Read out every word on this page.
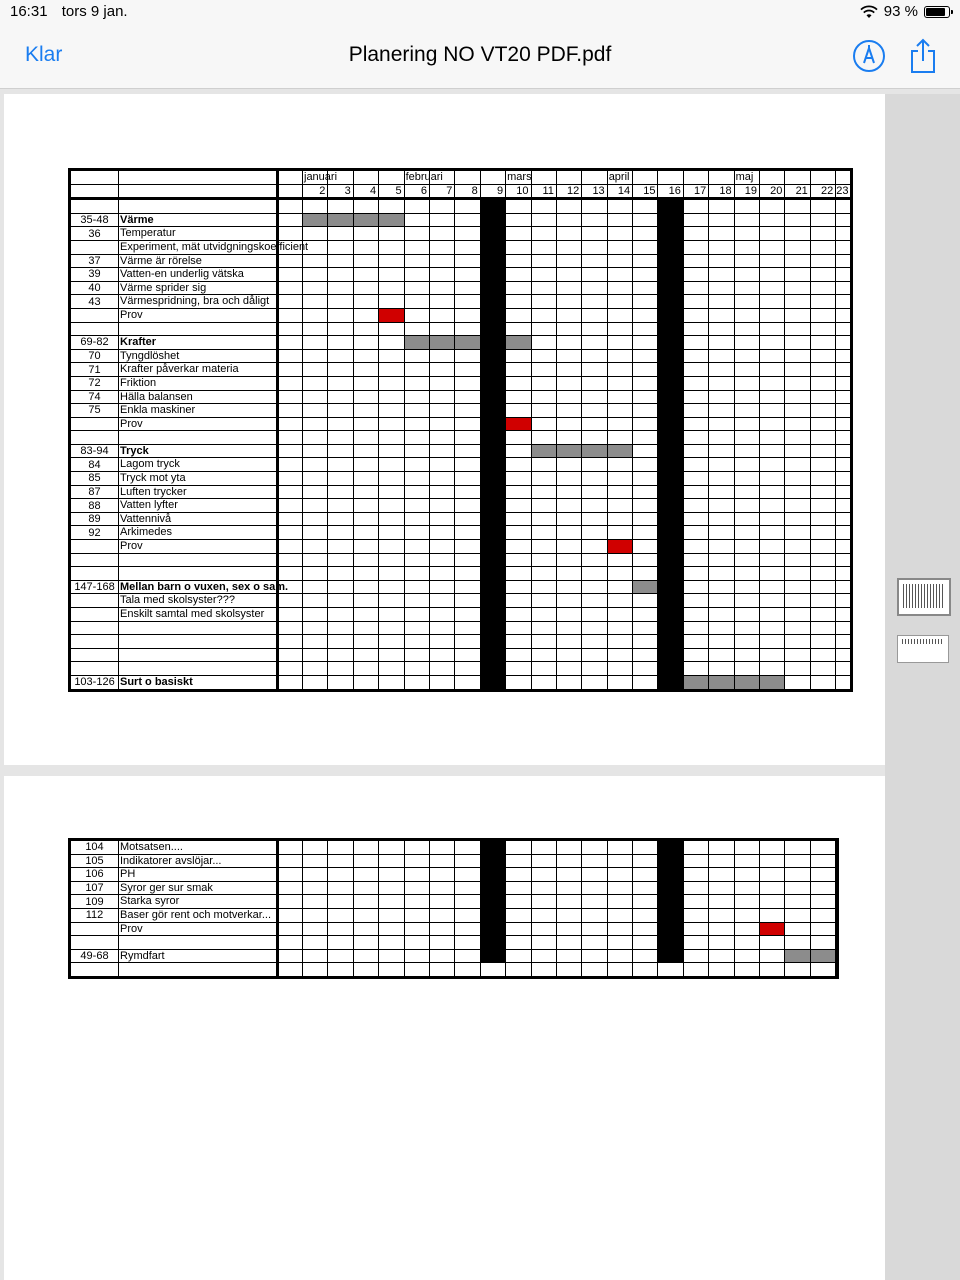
16:31 tors 9 jan.	93 %
Klar	Planering NO VT20 PDF.pdf

			januari				februari				mars				april					maj				

			2	3	4	5	6	7	8	9	10	11	12	13	14	15	16	17	18	19	20	21	22	23

35-48	Värme																							

36	Temperatur																							

	Experiment, mät utvidgningskoefficient																							

37	Värme är rörelse																							

39	Vatten-en underlig vätska																							

40	Värme sprider sig																							

43	Värmespridning, bra och dåligt																							

	Prov																							

69-82	Krafter																							

70	Tyngdlöshet																							

71	Krafter påverkar materia																							

72	Friktion																							

74	Hälla balansen																							

75	Enkla maskiner																							

	Prov																							

83-94	Tryck																							

84	Lagom tryck																							

85	Tryck mot yta																							

87	Luften trycker																							

88	Vatten lyfter																							

89	Vattennivå																							

92	Arkimedes																							

	Prov																							

147-168	Mellan barn o vuxen, sex o sam.																							

	Tala med skolsyster???																							

	Enskilt samtal med skolsyster																							

103-126	Surt o basiskt																							

104	Motsatsen....																							

105	Indikatorer avslöjar...																							

106	PH																							

107	Syror ger sur smak																							

109	Starka syror																							

112	Baser gör rent och motverkar...																							

	Prov																							

49-68	Rymdfart																							
